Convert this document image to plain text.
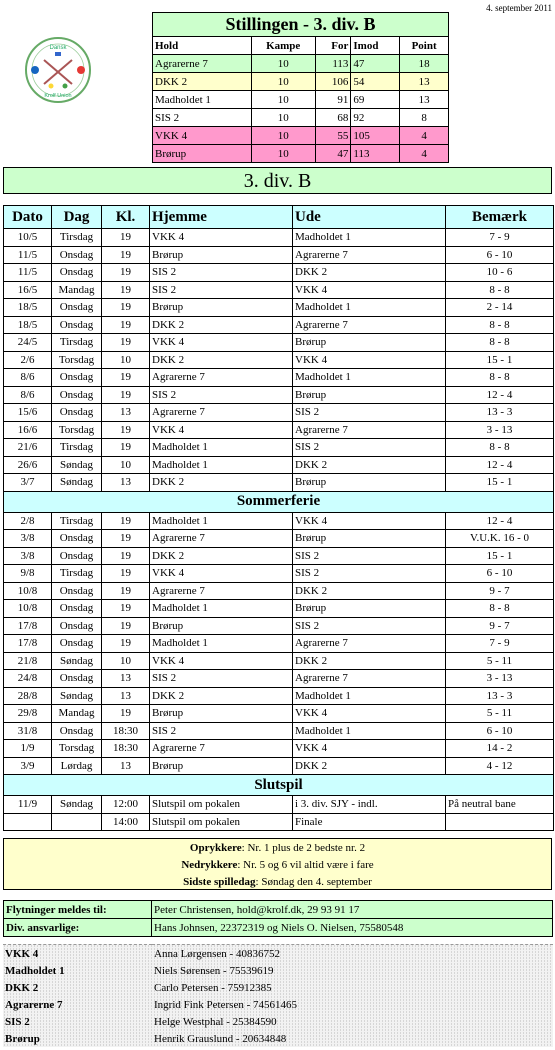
4. september 2011
Dansk
Krolf Union
Stillingen - 3. div. B				
Hold	Kampe	For	Imod	Point
Agrarerne 7	10	113	47	18
DKK 2	10	106	54	13
Madholdet 1	10	91	69	13
SIS 2	10	68	92	8
VKK 4	10	55	105	4
Brørup	10	47	113	4
3. div. B
Dato	Dag	Kl.	Hjemme	Ude	Bemærk
10/5	Tirsdag	19	VKK 4	Madholdet 1	7 - 9
11/5	Onsdag	19	Brørup	Agrarerne 7	6 - 10
11/5	Onsdag	19	SIS 2	DKK 2	10 - 6
16/5	Mandag	19	SIS 2	VKK 4	8 - 8
18/5	Onsdag	19	Brørup	Madholdet 1	2 - 14
18/5	Onsdag	19	DKK 2	Agrarerne 7	8 - 8
24/5	Tirsdag	19	VKK 4	Brørup	8 - 8
2/6	Torsdag	10	DKK 2	VKK 4	15 - 1
8/6	Onsdag	19	Agrarerne 7	Madholdet 1	8 - 8
8/6	Onsdag	19	SIS 2	Brørup	12 - 4
15/6	Onsdag	13	Agrarerne 7	SIS 2	13 - 3
16/6	Torsdag	19	VKK 4	Agrarerne 7	3 - 13
21/6	Tirsdag	19	Madholdet 1	SIS 2	8 - 8
26/6	Søndag	10	Madholdet 1	DKK 2	12 - 4
3/7	Søndag	13	DKK 2	Brørup	15 - 1
Sommerferie					
2/8	Tirsdag	19	Madholdet 1	VKK 4	12 - 4
3/8	Onsdag	19	Agrarerne 7	Brørup	V.U.K. 16 - 0
3/8	Onsdag	19	DKK 2	SIS 2	15 - 1
9/8	Tirsdag	19	VKK 4	SIS 2	6 - 10
10/8	Onsdag	19	Agrarerne 7	DKK 2	9 - 7
10/8	Onsdag	19	Madholdet 1	Brørup	8 - 8
17/8	Onsdag	19	Brørup	SIS 2	9 - 7
17/8	Onsdag	19	Madholdet 1	Agrarerne 7	7 - 9
21/8	Søndag	10	VKK 4	DKK 2	5 - 11
24/8	Onsdag	13	SIS 2	Agrarerne 7	3 - 13
28/8	Søndag	13	DKK 2	Madholdet 1	13 - 3
29/8	Mandag	19	Brørup	VKK 4	5 - 11
31/8	Onsdag	18:30	SIS 2	Madholdet 1	6 - 10
1/9	Torsdag	18:30	Agrarerne 7	VKK 4	14 - 2
3/9	Lørdag	13	Brørup	DKK 2	4 - 12
Slutspil					
11/9	Søndag	12:00	Slutspil om pokalen	i 3. div. SJY - indl.	På neutral bane
		14:00	Slutspil om pokalen	Finale	
Oprykkere: Nr. 1 plus de 2 bedste nr. 2
Nedrykkere: Nr. 5 og 6 vil altid være i fare
Sidste spilledag: Søndag den 4. september
Flytninger meldes til:	Peter Christensen, hold@krolf.dk, 29 93 91 17
Div. ansvarlige:	Hans Johnsen, 22372319 og Niels O. Nielsen, 75580548
VKK 4	Anna Lørgensen - 40836752
Madholdet 1	Niels Sørensen - 75539619
DKK 2	Carlo Petersen - 75912385
Agrarerne 7	Ingrid Fink Petersen - 74561465
SIS 2	Helge Westphal - 25384590
Brørup	Henrik Grauslund - 20634848
